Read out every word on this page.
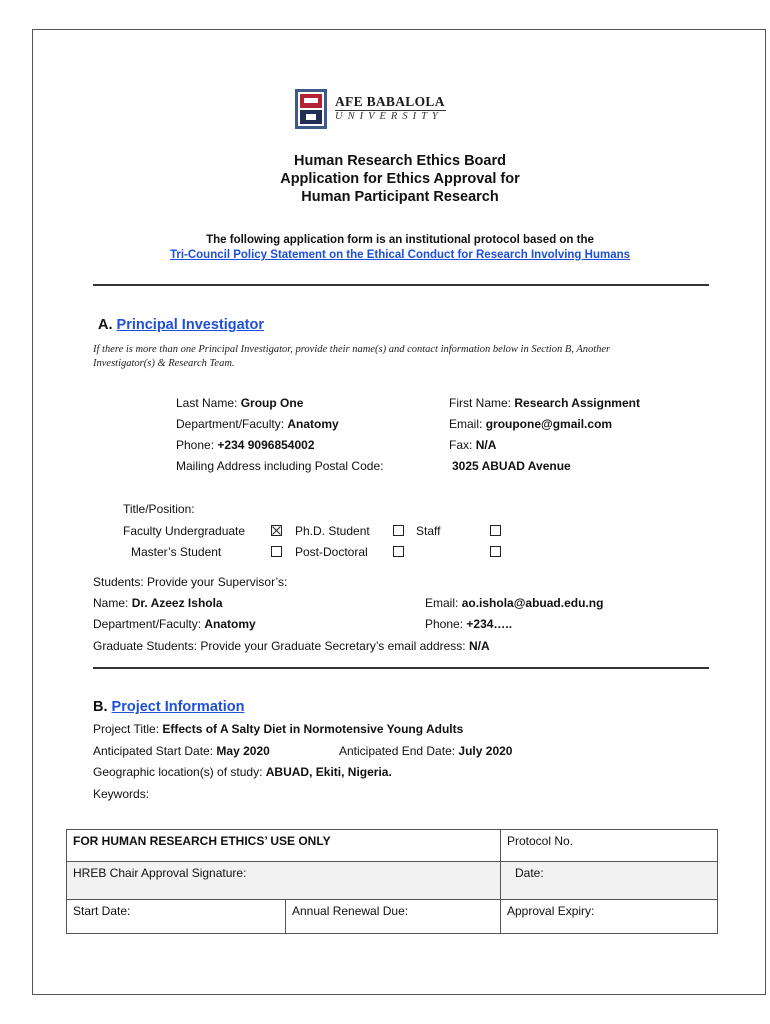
AFE BABALOLA
UNIVERSITY
Human Research Ethics Board
Application for Ethics Approval for
Human Participant Research
The following application form is an institutional protocol based on the
Tri-Council Policy Statement on the Ethical Conduct for Research Involving Humans
A. Principal Investigator
If there is more than one Principal Investigator, provide their name(s) and contact information below in Section B, Another Investigator(s) & Research Team.
Last Name: Group One	First Name: Research Assignment
Department/Faculty: Anatomy	Email: groupone@gmail.com
Phone: +234 9096854002	Fax: N/A
Mailing Address including Postal Code:	3025 ABUAD Avenue
Title/Position:
Faculty Undergraduate	Ph.D. Student	Staff
Master’s Student	Post-Doctoral
Students: Provide your Supervisor’s:
Name: Dr. Azeez Ishola	Email: ao.ishola@abuad.edu.ng
Department/Faculty: Anatomy	Phone: +234…..
Graduate Students: Provide your Graduate Secretary’s email address: N/A
B. Project Information
Project Title: Effects of A Salty Diet in Normotensive Young Adults
Anticipated Start Date: May 2020	Anticipated End Date: July 2020
Geographic location(s) of study: ABUAD, Ekiti, Nigeria.
Keywords:
FOR HUMAN RESEARCH ETHICS’ USE ONLY		Protocol No.
HREB Chair Approval Signature:		Date:
Start Date:	Annual Renewal Due:	Approval Expiry:
